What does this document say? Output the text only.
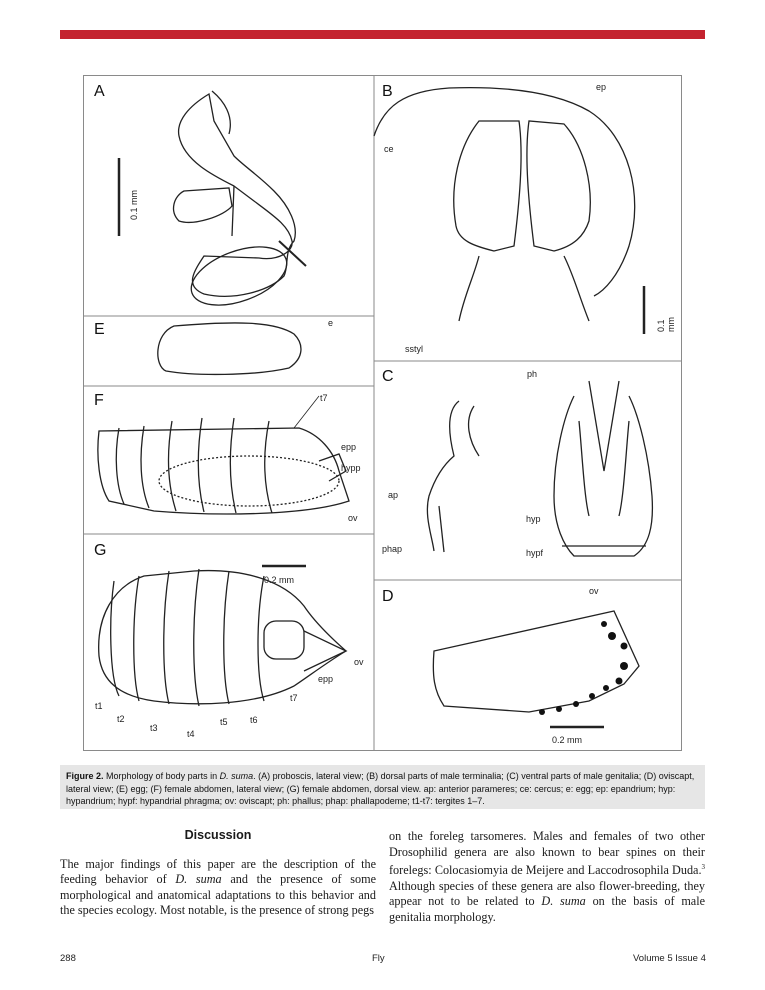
A	B
E
C
F
G
D
ep
ce
sstyl
e
t7
epp
hypp
ov
ph
ap
hyp
phap	hypf
ov
ov
epp
t7
t1
t2
t3
t4
t5 t6
0.1 mm
0.1 mm
0.2 mm
0.2 mm
Figure 2. Morphology of body parts in D. suma. (A) proboscis, lateral view; (B) dorsal parts of male terminalia; (C) ventral parts of male genitalia; (D) oviscapt, lateral view; (E) egg; (F) female abdomen, lateral view; (G) female abdomen, dorsal view. ap: anterior parameres; ce: cercus; e: egg; ep: epandrium; hyp: hypandrium; hypf: hypandrial phragma; ov: oviscapt; ph: phallus; phap: phallapodeme; t1-t7: tergites 1–7.
Discussion
The major findings of this paper are the description of the feeding behavior of D. suma and the presence of some morphological and anatomical adaptations to this behavior and the species ecology. Most notable, is the presence of strong pegs
on the foreleg tarsomeres. Males and females of two other Drosophilid genera are also known to bear spines on their forelegs: Colocasiomyia de Meijere and Laccodrosophila Duda.$^3$ Although species of these genera are also flower-breeding, they appear not to be related to D. suma on the basis of male genitalia morphology.
288	Fly	Volume 5 Issue 4
